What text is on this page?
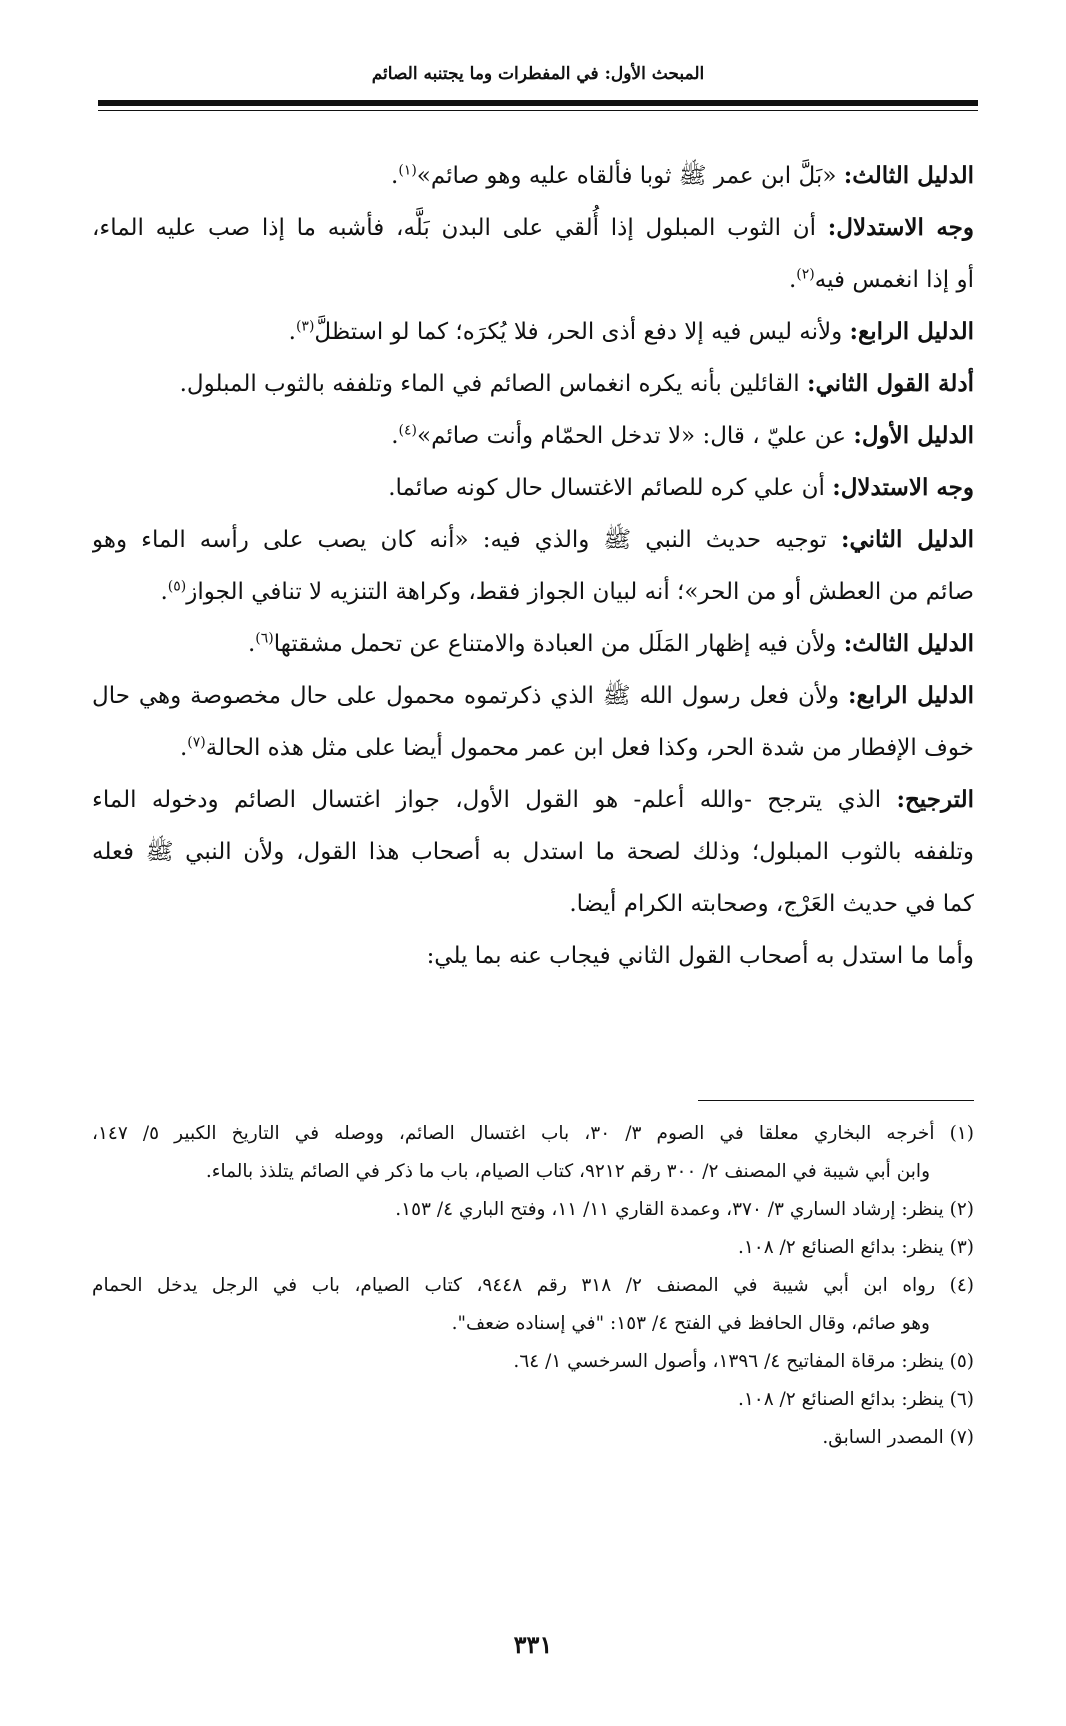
المبحث الأول: في المفطرات وما يجتنبه الصائم
الدليل الثالث: «بَلَّ ابن عمر ﷺ ثوبا فألقاه عليه وهو صائم»$^{(١)}$.
وجه الاستدلال: أن الثوب المبلول إذا أُلقي على البدن بَلَّه، فأشبه ما إذا صب عليه الماء،
أو إذا انغمس فيه$^{(٢)}$.
الدليل الرابع: ولأنه ليس فيه إلا دفع أذى الحر، فلا يُكرَه؛ كما لو استظلَّ$^{(٣)}$.
أدلة القول الثاني: القائلين بأنه يكره انغماس الصائم في الماء وتلففه بالثوب المبلول.
الدليل الأول: عن عليّ ، قال: «لا تدخل الحمّام وأنت صائم»$^{(٤)}$.
وجه الاستدلال: أن علي كره للصائم الاغتسال حال كونه صائما.
الدليل الثاني: توجيه حديث النبي ﷺ والذي فيه: «أنه كان يصب على رأسه الماء وهو
صائم من العطش أو من الحر»؛ أنه لبيان الجواز فقط، وكراهة التنزيه لا تنافي الجواز$^{(٥)}$.
الدليل الثالث: ولأن فيه إظهار المَلَل من العبادة والامتناع عن تحمل مشقتها$^{(٦)}$.
الدليل الرابع: ولأن فعل رسول الله ﷺ الذي ذكرتموه محمول على حال مخصوصة وهي حال
خوف الإفطار من شدة الحر، وكذا فعل ابن عمر محمول أيضا على مثل هذه الحالة$^{(٧)}$.
الترجيح: الذي يترجح -والله أعلم- هو القول الأول، جواز اغتسال الصائم ودخوله الماء
وتلففه بالثوب المبلول؛ وذلك لصحة ما استدل به أصحاب هذا القول، ولأن النبي ﷺ فعله
كما في حديث العَرْج، وصحابته الكرام أيضا.
وأما ما استدل به أصحاب القول الثاني فيجاب عنه بما يلي:
(١) أخرجه البخاري معلقا في الصوم ٣/ ٣٠، باب اغتسال الصائم، ووصله في التاريخ الكبير ٥/ ١٤٧،
وابن أبي شيبة في المصنف ٢/ ٣٠٠ رقم ٩٢١٢، كتاب الصيام، باب ما ذكر في الصائم يتلذذ بالماء.
(٢) ينظر: إرشاد الساري ٣/ ٣٧٠، وعمدة القاري ١١/ ١١، وفتح الباري ٤/ ١٥٣.
(٣) ينظر: بدائع الصنائع ٢/ ١٠٨.
(٤) رواه ابن أبي شيبة في المصنف ٢/ ٣١٨ رقم ٩٤٤٨، كتاب الصيام، باب في الرجل يدخل الحمام
وهو صائم، وقال الحافظ في الفتح ٤/ ١٥٣: "في إسناده ضعف".
(٥) ينظر: مرقاة المفاتيح ٤/ ١٣٩٦، وأصول السرخسي ١/ ٦٤.
(٦) ينظر: بدائع الصنائع ٢/ ١٠٨.
(٧) المصدر السابق.
٣٣١
